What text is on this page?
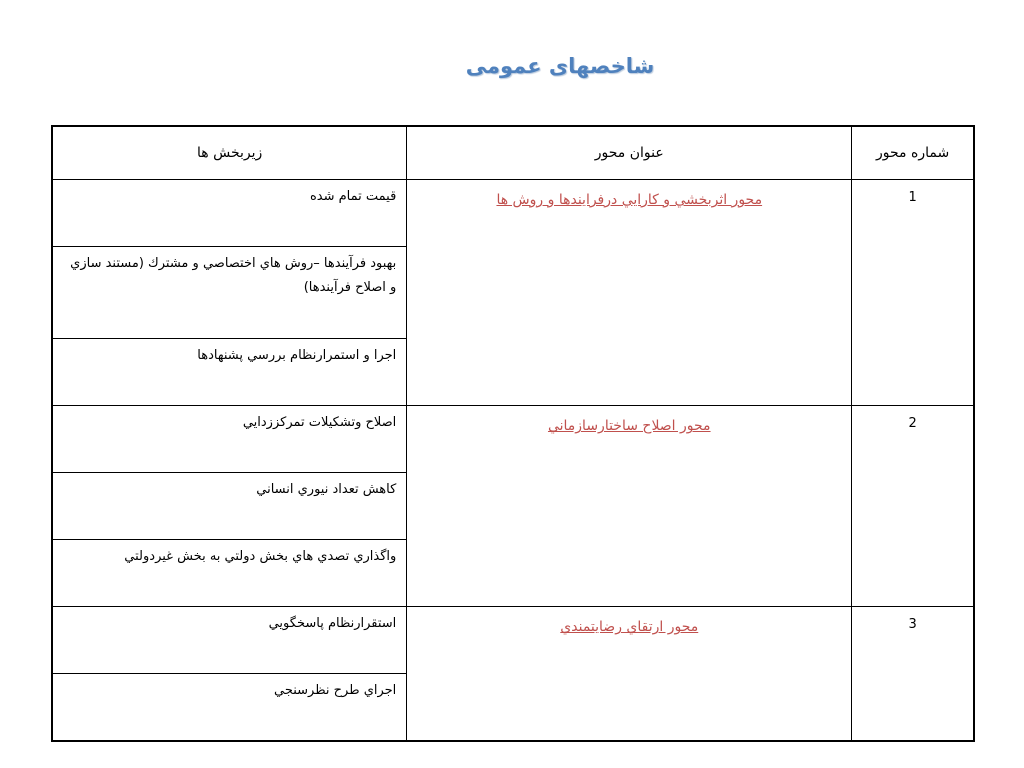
شاخصهای عمومی
شماره محور	عنوان محور	زيربخش ها
1	محور اثربخشي و كارايي درفرايندها و روش ها	قيمت تمام شده
		بهبود فرآيندها –روش هاي اختصاصي و مشترك (مستند سازي و اصلاح فرآيندها)
		اجرا و استمرارنظام بررسي پشنهادها
2	محور اصلاح ساختارسازماني	اصلاح وتشكيلات تمركززدايي
		كاهش تعداد نيوري انساني
		واگذاري تصدي هاي بخش دولتي به بخش غيردولتي
3	محور ارتقاي رضايتمندي	استقرارنظام پاسخگويي
		اجراي طرح نظرسنجي
